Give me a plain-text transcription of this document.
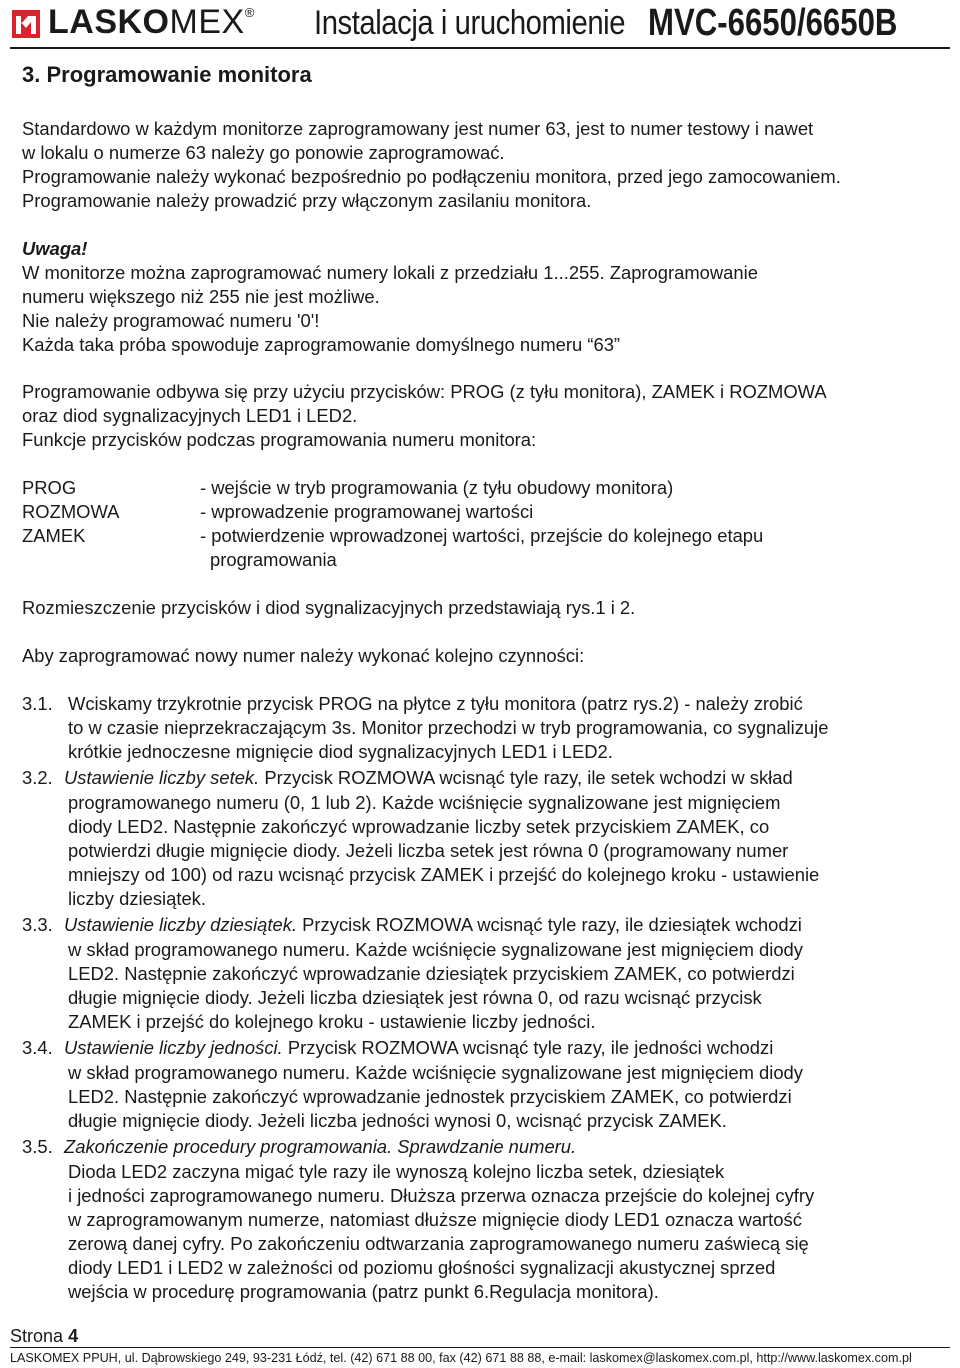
LASKOMEX® Instalacja i uruchomienie MVC-6650/6650B
3. Programowanie monitora
Standardowo w każdym monitorze zaprogramowany jest numer 63, jest to numer testowy i nawet
w lokalu o numerze 63 należy go ponowie zaprogramować.
Programowanie należy wykonać bezpośrednio po podłączeniu monitora, przed jego zamocowaniem.
Programowanie należy prowadzić przy włączonym zasilaniu monitora.
Uwaga!
W monitorze można zaprogramować numery lokali z przedziału 1...255. Zaprogramowanie
numeru większego niż 255 nie jest możliwe.
Nie należy programować numeru '0'!
Każda taka próba spowoduje zaprogramowanie domyślnego numeru “63”
Programowanie odbywa się przy użyciu przycisków: PROG (z tyłu monitora), ZAMEK i ROZMOWA
oraz diod sygnalizacyjnych LED1 i LED2.
Funkcje przycisków podczas programowania numeru monitora:
PROG	- wejście w tryb programowania (z tyłu obudowy monitora)
ROZMOWA	- wprowadzenie programowanej wartości
ZAMEK	- potwierdzenie wprowadzonej wartości, przejście do kolejnego etapu
programowania
Rozmieszczenie przycisków i diod sygnalizacyjnych przedstawiają rys.1 i 2.
Aby zaprogramować nowy numer należy wykonać kolejno czynności:
3.1. Wciskamy trzykrotnie przycisk PROG na płytce z tyłu monitora (patrz rys.2) - należy zrobić
to w czasie nieprzekraczającym 3s. Monitor przechodzi w tryb programowania, co sygnalizuje
krótkie jednoczesne mignięcie diod sygnalizacyjnych LED1 i LED2.
3.2. Ustawienie liczby setek. Przycisk ROZMOWA wcisnąć tyle razy, ile setek wchodzi w skład
programowanego numeru (0, 1 lub 2). Każde wciśnięcie sygnalizowane jest mignięciem
diody LED2. Następnie zakończyć wprowadzanie liczby setek przyciskiem ZAMEK, co
potwierdzi długie mignięcie diody. Jeżeli liczba setek jest równa 0 (programowany numer
mniejszy od 100) od razu wcisnąć przycisk ZAMEK i przejść do kolejnego kroku - ustawienie
liczby dziesiątek.
3.3. Ustawienie liczby dziesiątek. Przycisk ROZMOWA wcisnąć tyle razy, ile dziesiątek wchodzi
w skład programowanego numeru. Każde wciśnięcie sygnalizowane jest mignięciem diody
LED2. Następnie zakończyć wprowadzanie dziesiątek przyciskiem ZAMEK, co potwierdzi
długie mignięcie diody. Jeżeli liczba dziesiątek jest równa 0, od razu wcisnąć przycisk
ZAMEK i przejść do kolejnego kroku - ustawienie liczby jedności.
3.4. Ustawienie liczby jedności. Przycisk ROZMOWA wcisnąć tyle razy, ile jedności wchodzi
w skład programowanego numeru. Każde wciśnięcie sygnalizowane jest mignięciem diody
LED2. Następnie zakończyć wprowadzanie jednostek przyciskiem ZAMEK, co potwierdzi
długie mignięcie diody. Jeżeli liczba jedności wynosi 0, wcisnąć przycisk ZAMEK.
3.5. Zakończenie procedury programowania. Sprawdzanie numeru.
Dioda LED2 zaczyna migać tyle razy ile wynoszą kolejno liczba setek, dziesiątek
i jedności zaprogramowanego numeru. Dłuższa przerwa oznacza przejście do kolejnej cyfry
w zaprogramowanym numerze, natomiast dłuższe mignięcie diody LED1 oznacza wartość
zerową danej cyfry. Po zakończeniu odtwarzania zaprogramowanego numeru zaświecą się
diody LED1 i LED2 w zależności od poziomu głośności sygnalizacji akustycznej sprzed
wejścia w procedurę programowania (patrz punkt 6.Regulacja monitora).
Strona 4
LASKOMEX PPUH, ul. Dąbrowskiego 249, 93-231 Łódź, tel. (42) 671 88 00, fax (42) 671 88 88, e-mail: laskomex@laskomex.com.pl, http://www.laskomex.com.pl
